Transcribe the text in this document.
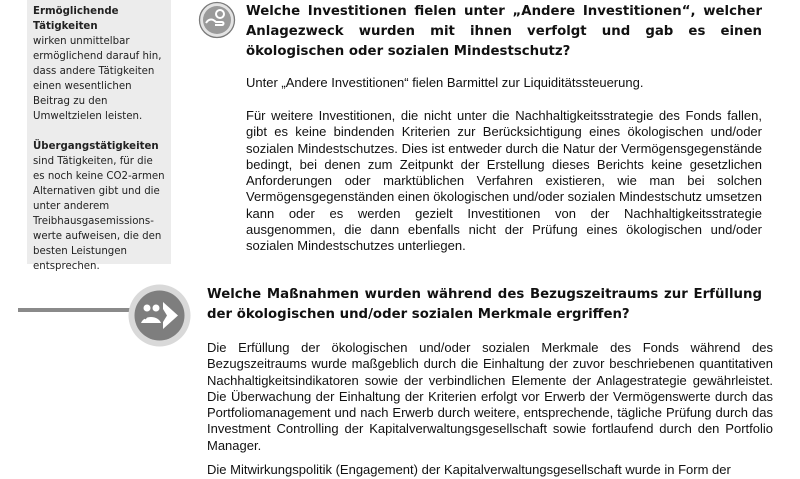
Ermöglichende Tätigkeiten
wirken unmittelbar ermöglichend darauf hin, dass andere Tätigkeiten einen wesentlichen Beitrag zu den Umweltzielen leisten.

Übergangstätigkeiten sind Tätigkeiten, für die es noch keine CO2-armen Alternativen gibt und die unter anderem Treibhausgasemissions-werte aufweisen, die den besten Leistungen entsprechen.

Welche Investitionen fielen unter „Andere Investitionen“, welcher Anlagezweck wurden mit ihnen verfolgt und gab es einen ökologischen oder sozialen Mindestschutz?
Unter „Andere Investitionen“ fielen Barmittel zur Liquiditätssteuerung.
Für weitere Investitionen, die nicht unter die Nachhaltigkeitsstrategie des Fonds fallen, gibt es keine bindenden Kriterien zur Berücksichtigung eines ökologischen und/oder sozialen Mindestschutzes. Dies ist entweder durch die Natur der Vermögensgegenstände bedingt, bei denen zum Zeitpunkt der Erstellung dieses Berichts keine gesetzlichen Anforderungen oder marktüblichen Verfahren existieren, wie man bei solchen Vermögensgegenständen einen ökologischen und/oder sozialen Mindestschutz umsetzen kann oder es werden gezielt Investitionen von der Nachhaltigkeitsstrategie ausgenommen, die dann ebenfalls nicht der Prüfung eines ökologischen und/oder sozialen Mindestschutzes unterliegen.
Welche Maßnahmen wurden während des Bezugszeitraums zur Erfüllung der ökologischen und/oder sozialen Merkmale ergriffen?
Die Erfüllung der ökologischen und/oder sozialen Merkmale des Fonds während des Bezugszeitraums wurde maßgeblich durch die Einhaltung der zuvor beschriebenen quantitativen Nachhaltigkeitsindikatoren sowie der verbindlichen Elemente der Anlagestrategie gewährleistet. Die Überwachung der Einhaltung der Kriterien erfolgt vor Erwerb der Vermögenswerte durch das Portfoliomanagement und nach Erwerb durch weitere, entsprechende, tägliche Prüfung durch das Investment Controlling der Kapitalverwaltungsgesellschaft sowie fortlaufend durch den Portfolio Manager.
Die Mitwirkungspolitik (Engagement) der Kapitalverwaltungsgesellschaft wurde in Form der
